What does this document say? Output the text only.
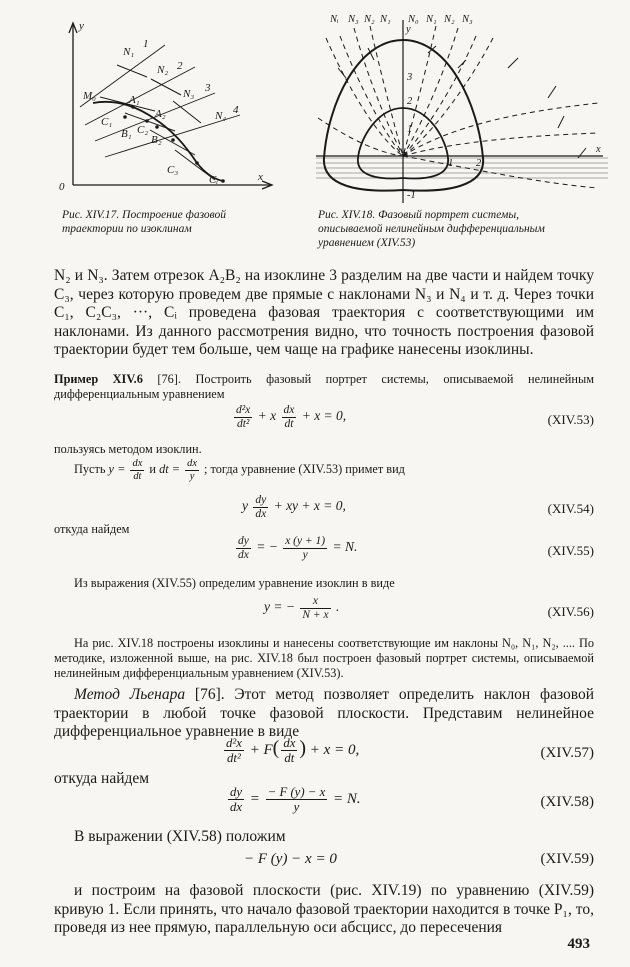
y
x
0
N₁
1
N₂ 2
N₃ 3
N₄ 4
M₀	A₁
A₂
B₁ B₂
C₁
C₂
C₃
Cᵢ
Рис. XIV.17. Построение фазовой траектории по изоклинам
Nᵢ N₃ N₂ N₁ N₀ N₁ N₂ N₃
y
x
3
2
1
1 2
-1
Рис. XIV.18. Фазовый портрет системы, описываемой нелинейным дифференциальным уравнением (XIV.53)
N₂ и N₃. Затем отрезок A₂B₂ на изоклине 3 разделим на две части и найдем точку C₃, через которую проведем две прямые с наклонами N₃ и N₄ и т. д. Через точки C₁, C₂C₃, ···, Cᵢ проведена фазовая траектория с соответствующими им наклонами. Из данного рассмотрения видно, что точность построения фазовой траектории будет тем больше, чем чаще на графике нанесены изоклины.
Пример XIV.6 [76]. Построить фазовый портрет системы, описываемой нелинейным дифференциальным уравнением
$\frac{\text{d²x}}{\text{dt²}} + x \frac{dx}{dt} + x = 0$,	(XIV.53)
пользуясь методом изоклин.
Пусть $y = \frac{dx}{dt}$ и dt = $\frac{dx}{y}$ ; тогда уравнение (XIV.53) примет вид
y $\frac{dy}{dx}$ + xy + x = 0,	(XIV.54)
откуда найдем
$\frac{dy}{dx}$ = − $\frac{x (y + 1)}{y} = N$.	(XIV.55)
Из выражения (XIV.55) определим уравнение изоклин в виде
y = − $\frac{x}{N + x}$ .	(XIV.56)
На рис. XIV.18 построены изоклины и нанесены соответствующие им наклоны N₀, N₁, N₂, .... По методике, изложенной выше, на рис. XIV.18 был построен фазовый портрет системы, описываемой нелинейным дифференциальным уравнением (XIV.53).
Метод Льенара [76]. Этот метод позволяет определить наклон фазовой траектории в любой точке фазовой плоскости. Представим нелинейное дифференциальное уравнение в виде
$\frac{\text{d²x}}{\text{dt²}} + F( \frac{dx}{dt}$ ) + x = 0,	(XIV.57)
откуда найдем
$\frac{dy}{dx} = \frac{- F (y) - x}{y} = N$.	(XIV.58)
В выражении (XIV.58) положим
− F (y) − x = 0	(XIV.59)
и построим на фазовой плоскости (рис. XIV.19) по уравнению (XIV.59) кривую 1. Если принять, что начало фазовой траектории находится в точке P₁, то, проведя из нее прямую, параллельную оси абсцисс, до пересечения
493
